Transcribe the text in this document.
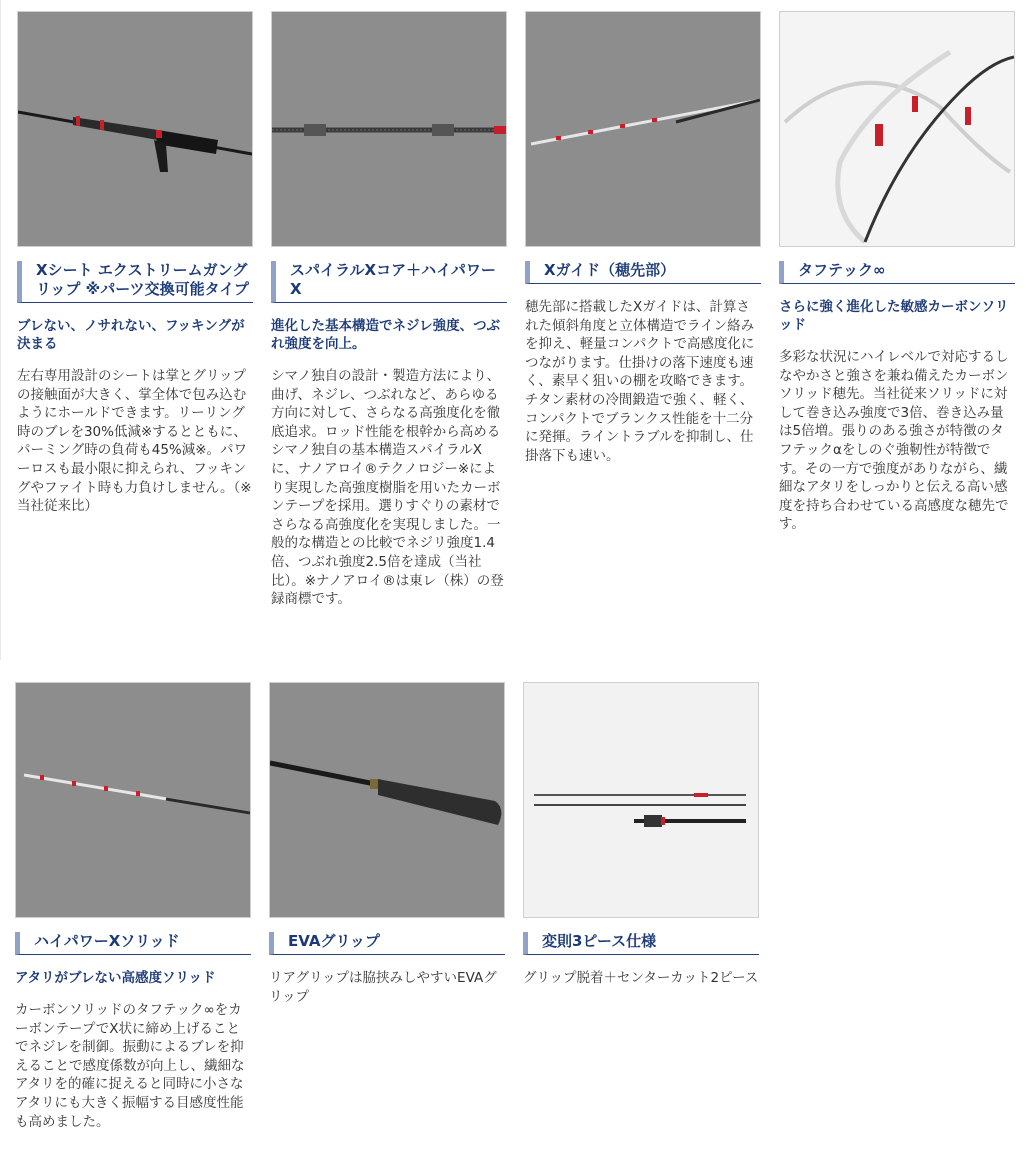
Xシート エクストリームガングリップ ※パーツ交換可能タイプ
ブレない、ノサれない、フッキングが決まる
左右専用設計のシートは掌とグリップの接触面が大きく、掌全体で包み込むようにホールドできます。リーリング時のブレを30%低減※するとともに、パーミング時の負荷も45%減※。パワーロスも最小限に抑えられ、フッキングやファイト時も力負けしません。（※当社従来比）
スパイラルXコア＋ハイパワーX
進化した基本構造でネジレ強度、つぶれ強度を向上。
シマノ独自の設計・製造方法により、曲げ、ネジレ、つぶれなど、あらゆる方向に対して、さらなる高強度化を徹底追求。ロッド性能を根幹から高めるシマノ独自の基本構造スパイラルXに、ナノアロイ®テクノロジー※により実現した高強度樹脂を用いたカーボンテープを採用。選りすぐりの素材でさらなる高強度化を実現しました。一般的な構造との比較でネジリ強度1.4倍、つぶれ強度2.5倍を達成（当社比）。※ナノアロイ®は東レ（株）の登録商標です。
Xガイド（穂先部）
穂先部に搭載したXガイドは、計算された傾斜角度と立体構造でライン絡みを抑え、軽量コンパクトで高感度化につながります。仕掛けの落下速度も速く、素早く狙いの棚を攻略できます。チタン素材の冷間鍛造で強く、軽く、コンパクトでブランクス性能を十二分に発揮。ライントラブルを抑制し、仕掛落下も速い。
タフテック∞
さらに強く進化した敏感カーボンソリッド
多彩な状況にハイレベルで対応するしなやかさと強さを兼ね備えたカーボンソリッド穂先。当社従来ソリッドに対して巻き込み強度で3倍、巻き込み量は5倍増。張りのある強さが特徴のタフテックαをしのぐ強靭性が特徴です。その一方で強度がありながら、繊細なアタリをしっかりと伝える高い感度を持ち合わせている高感度な穂先です。
ハイパワーXソリッド
アタリがブレない高感度ソリッド
カーボンソリッドのタフテック∞をカーボンテープでX状に締め上げることでネジレを制御。振動によるブレを抑えることで感度係数が向上し、繊細なアタリを的確に捉えると同時に小さなアタリにも大きく振幅する目感度性能も高めました。
EVAグリップ
リアグリップは脇挟みしやすいEVAグリップ
変則3ピース仕様
グリップ脱着＋センターカット2ピース
